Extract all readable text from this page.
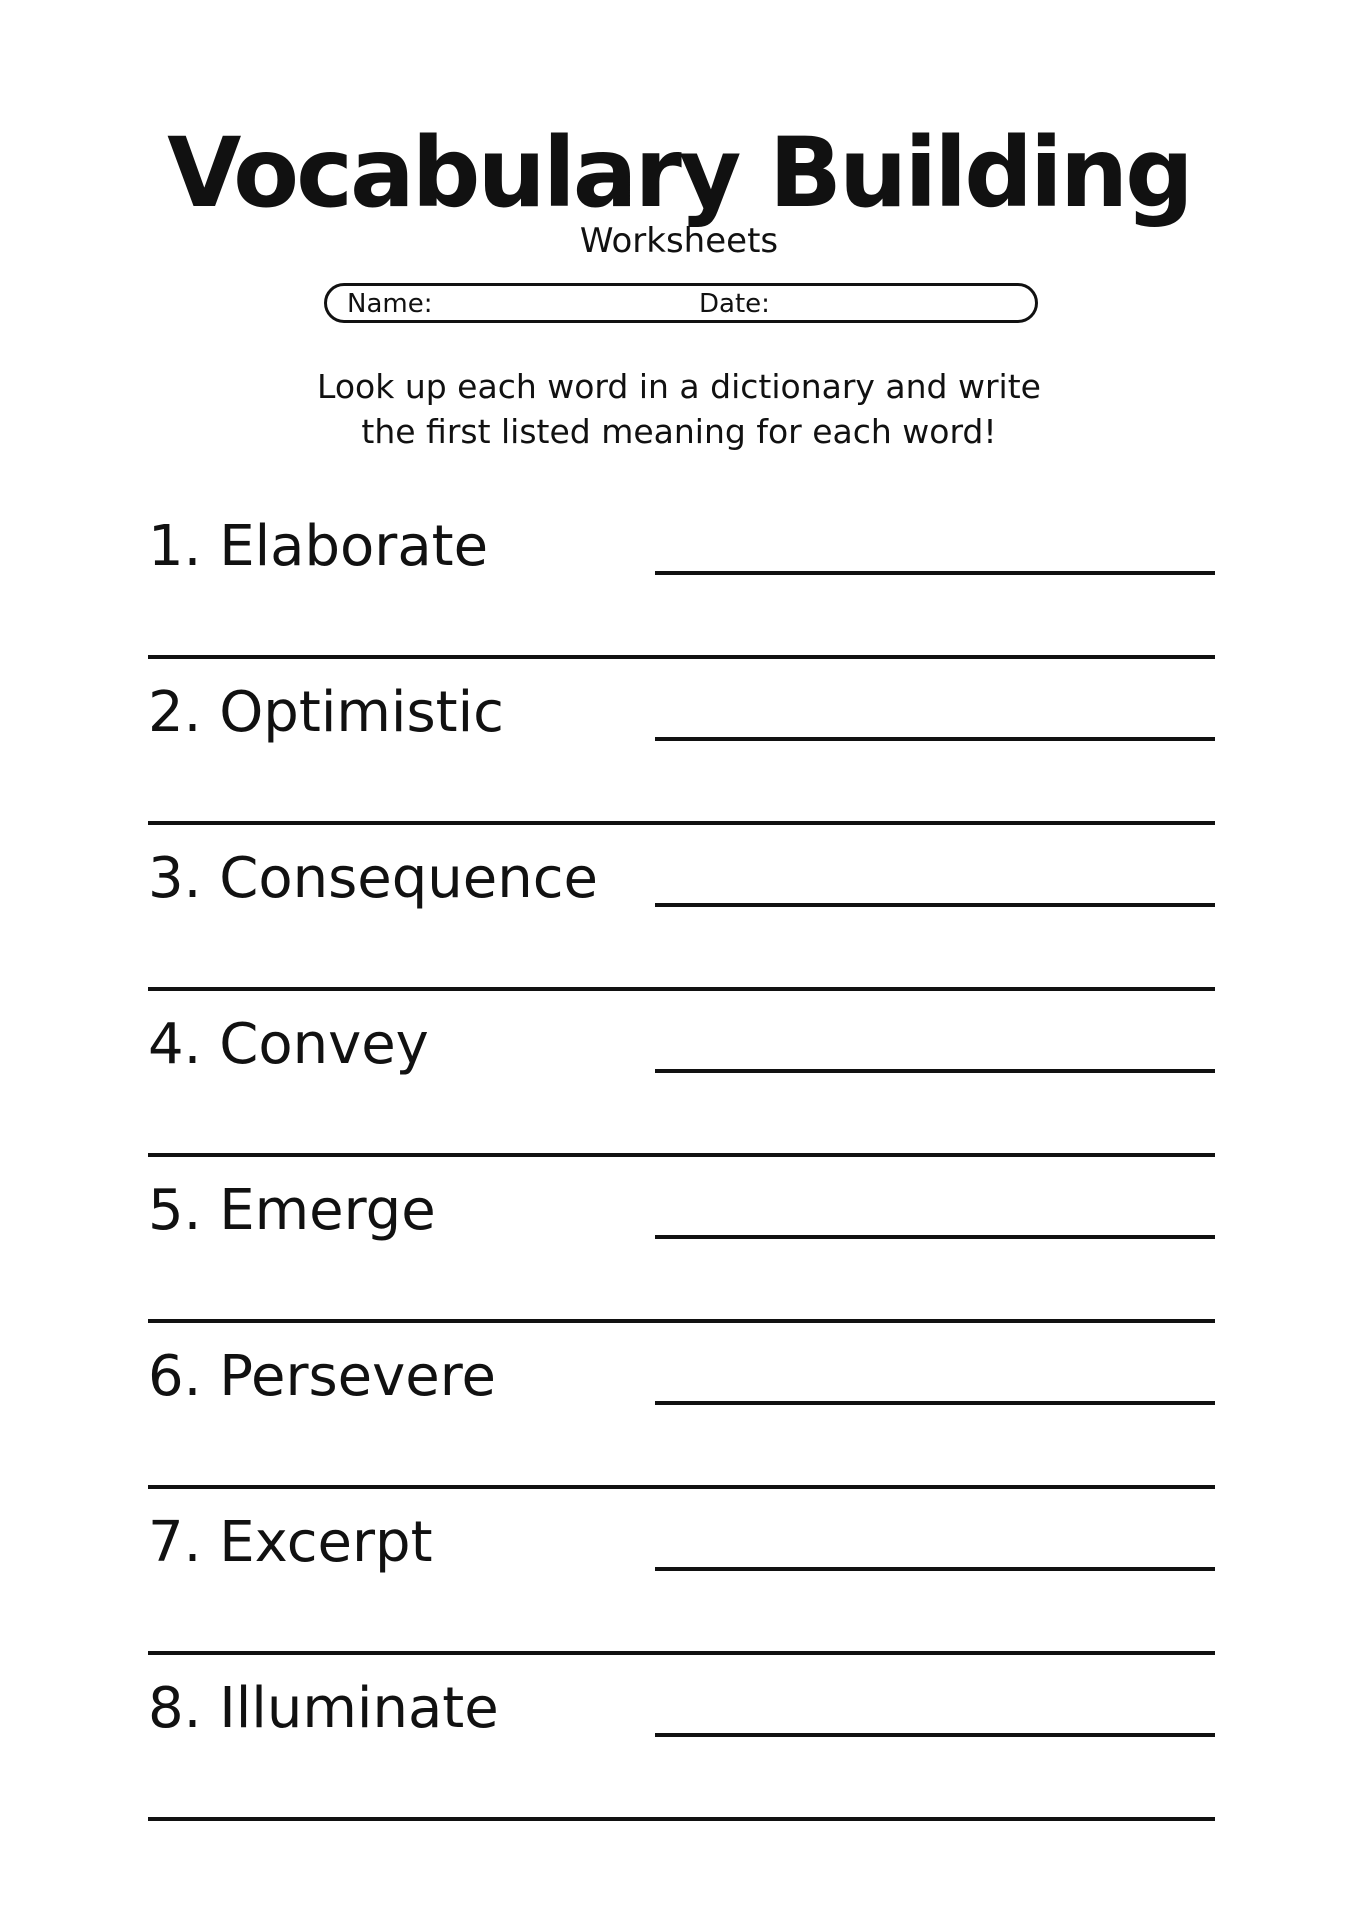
Vocabulary Building
Worksheets
Name:	Date:
Look up each word in a dictionary and write
the first listed meaning for each word!
1. Elaborate
2. Optimistic
3. Consequence
4. Convey
5. Emerge
6. Persevere
7. Excerpt
8. Illuminate
